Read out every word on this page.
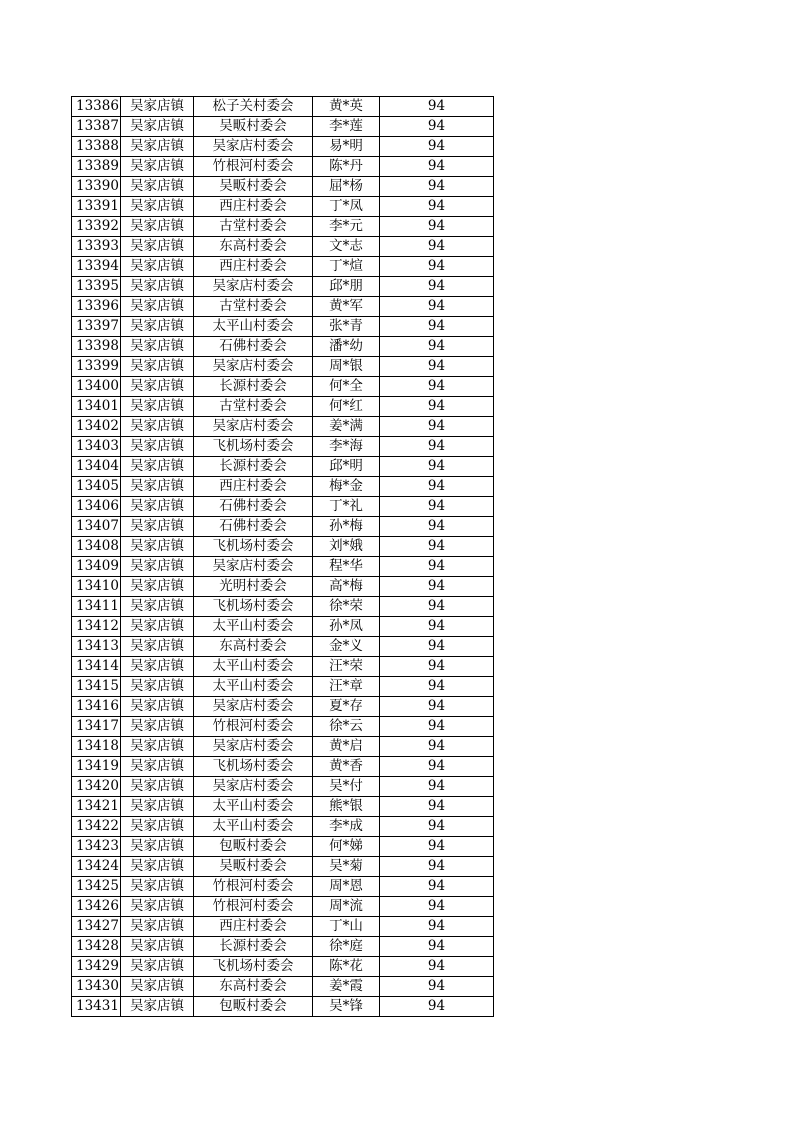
13386	吴家店镇	松子关村委会	黄*英	94
13387	吴家店镇	吴畈村委会	李*莲	94
13388	吴家店镇	吴家店村委会	易*明	94
13389	吴家店镇	竹根河村委会	陈*丹	94
13390	吴家店镇	吴畈村委会	屈*杨	94
13391	吴家店镇	西庄村委会	丁*凤	94
13392	吴家店镇	古堂村委会	李*元	94
13393	吴家店镇	东高村委会	文*志	94
13394	吴家店镇	西庄村委会	丁*煊	94
13395	吴家店镇	吴家店村委会	邱*朋	94
13396	吴家店镇	古堂村委会	黄*军	94
13397	吴家店镇	太平山村委会	张*青	94
13398	吴家店镇	石佛村委会	潘*幼	94
13399	吴家店镇	吴家店村委会	周*银	94
13400	吴家店镇	长源村委会	何*全	94
13401	吴家店镇	古堂村委会	何*红	94
13402	吴家店镇	吴家店村委会	姜*满	94
13403	吴家店镇	飞机场村委会	李*海	94
13404	吴家店镇	长源村委会	邱*明	94
13405	吴家店镇	西庄村委会	梅*金	94
13406	吴家店镇	石佛村委会	丁*礼	94
13407	吴家店镇	石佛村委会	孙*梅	94
13408	吴家店镇	飞机场村委会	刘*娥	94
13409	吴家店镇	吴家店村委会	程*华	94
13410	吴家店镇	光明村委会	高*梅	94
13411	吴家店镇	飞机场村委会	徐*荣	94
13412	吴家店镇	太平山村委会	孙*凤	94
13413	吴家店镇	东高村委会	金*义	94
13414	吴家店镇	太平山村委会	汪*荣	94
13415	吴家店镇	太平山村委会	汪*章	94
13416	吴家店镇	吴家店村委会	夏*存	94
13417	吴家店镇	竹根河村委会	徐*云	94
13418	吴家店镇	吴家店村委会	黄*启	94
13419	吴家店镇	飞机场村委会	黄*香	94
13420	吴家店镇	吴家店村委会	吴*付	94
13421	吴家店镇	太平山村委会	熊*银	94
13422	吴家店镇	太平山村委会	李*成	94
13423	吴家店镇	包畈村委会	何*娣	94
13424	吴家店镇	吴畈村委会	吴*菊	94
13425	吴家店镇	竹根河村委会	周*恩	94
13426	吴家店镇	竹根河村委会	周*流	94
13427	吴家店镇	西庄村委会	丁*山	94
13428	吴家店镇	长源村委会	徐*庭	94
13429	吴家店镇	飞机场村委会	陈*花	94
13430	吴家店镇	东高村委会	姜*霞	94
13431	吴家店镇	包畈村委会	吴*锋	94
